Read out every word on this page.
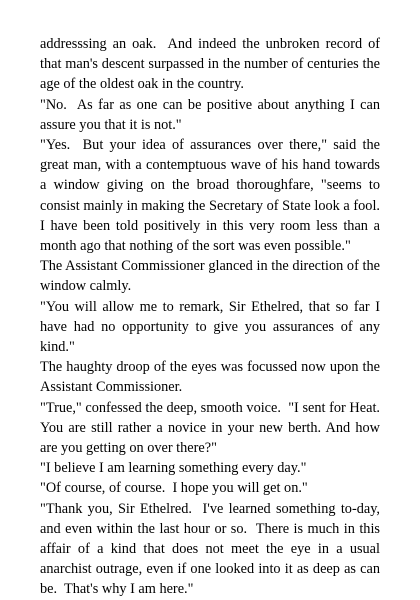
addresssing an oak.  And indeed the unbroken record of that man's descent surpassed in the number of centuries the age of the oldest oak in the country.

"No.  As far as one can be positive about anything I can assure you that it is not."

"Yes.  But your idea of assurances over there," said the great man, with a contemptuous wave of his hand towards a window giving on the broad thoroughfare, "seems to consist mainly in making the Secretary of State look a fool.  I have been told positively in this very room less than a month ago that nothing of the sort was even possible."

The Assistant Commissioner glanced in the direction of the window calmly.

"You will allow me to remark, Sir Ethelred, that so far I have had no opportunity to give you assurances of any kind."

The haughty droop of the eyes was focussed now upon the Assistant Commissioner.

"True," confessed the deep, smooth voice.  "I sent for Heat.  You are still rather a novice in your new berth. And how are you getting on over there?"

"I believe I am learning something every day."

"Of course, of course.  I hope you will get on."

"Thank you, Sir Ethelred.  I've learned something to-day, and even within the last hour or so.  There is much in this affair of a kind that does not meet the eye in a usual anarchist outrage, even if one looked into it as deep as can be.  That's why I am here."
